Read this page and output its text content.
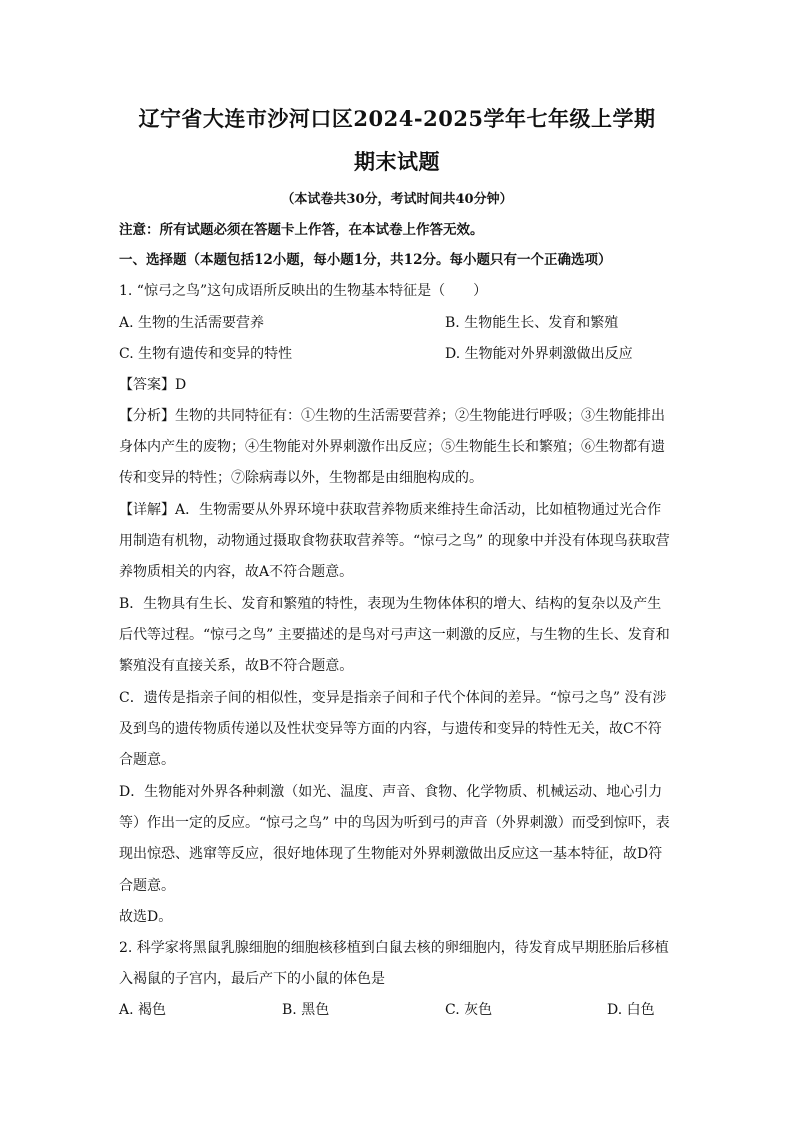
辽宁省大连市沙河口区2024-2025学年七年级上学期
期末试题
（本试卷共30分，考试时间共40分钟）
注意：所有试题必须在答题卡上作答，在本试卷上作答无效。
一、选择题（本题包括12小题，每小题1分，共12分。每小题只有一个正确选项）
1. “惊弓之鸟”这句成语所反映出的生物基本特征是（　　）
A. 生物的生活需要营养	B. 生物能生长、发育和繁殖
C. 生物有遗传和变异的特性	D. 生物能对外界刺激做出反应
【答案】D
【分析】生物的共同特征有：①生物的生活需要营养；②生物能进行呼吸；③生物能排出
身体内产生的废物；④生物能对外界刺激作出反应；⑤生物能生长和繁殖；⑥生物都有遗
传和变异的特性；⑦除病毒以外，生物都是由细胞构成的。
【详解】A．生物需要从外界环境中获取营养物质来维持生命活动，比如植物通过光合作
用制造有机物，动物通过摄取食物获取营养等。“惊弓之鸟” 的现象中并没有体现鸟获取营
养物质相关的内容，故A不符合题意。
B．生物具有生长、发育和繁殖的特性，表现为生物体体积的增大、结构的复杂以及产生
后代等过程。“惊弓之鸟” 主要描述的是鸟对弓声这一刺激的反应，与生物的生长、发育和
繁殖没有直接关系，故B不符合题意。
C．遗传是指亲子间的相似性，变异是指亲子间和子代个体间的差异。“惊弓之鸟” 没有涉
及到鸟的遗传物质传递以及性状变异等方面的内容，与遗传和变异的特性无关，故C不符
合题意。
D．生物能对外界各种刺激（如光、温度、声音、食物、化学物质、机械运动、地心引力
等）作出一定的反应。“惊弓之鸟” 中的鸟因为听到弓的声音（外界刺激）而受到惊吓，表
现出惊恐、逃窜等反应，很好地体现了生物能对外界刺激做出反应这一基本特征，故D符
合题意。
故选D。
2. 科学家将黑鼠乳腺细胞的细胞核移植到白鼠去核的卵细胞内，待发育成早期胚胎后移植
入褐鼠的子宫内，最后产下的小鼠的体色是
A. 褐色	B. 黑色	C. 灰色	D. 白色
